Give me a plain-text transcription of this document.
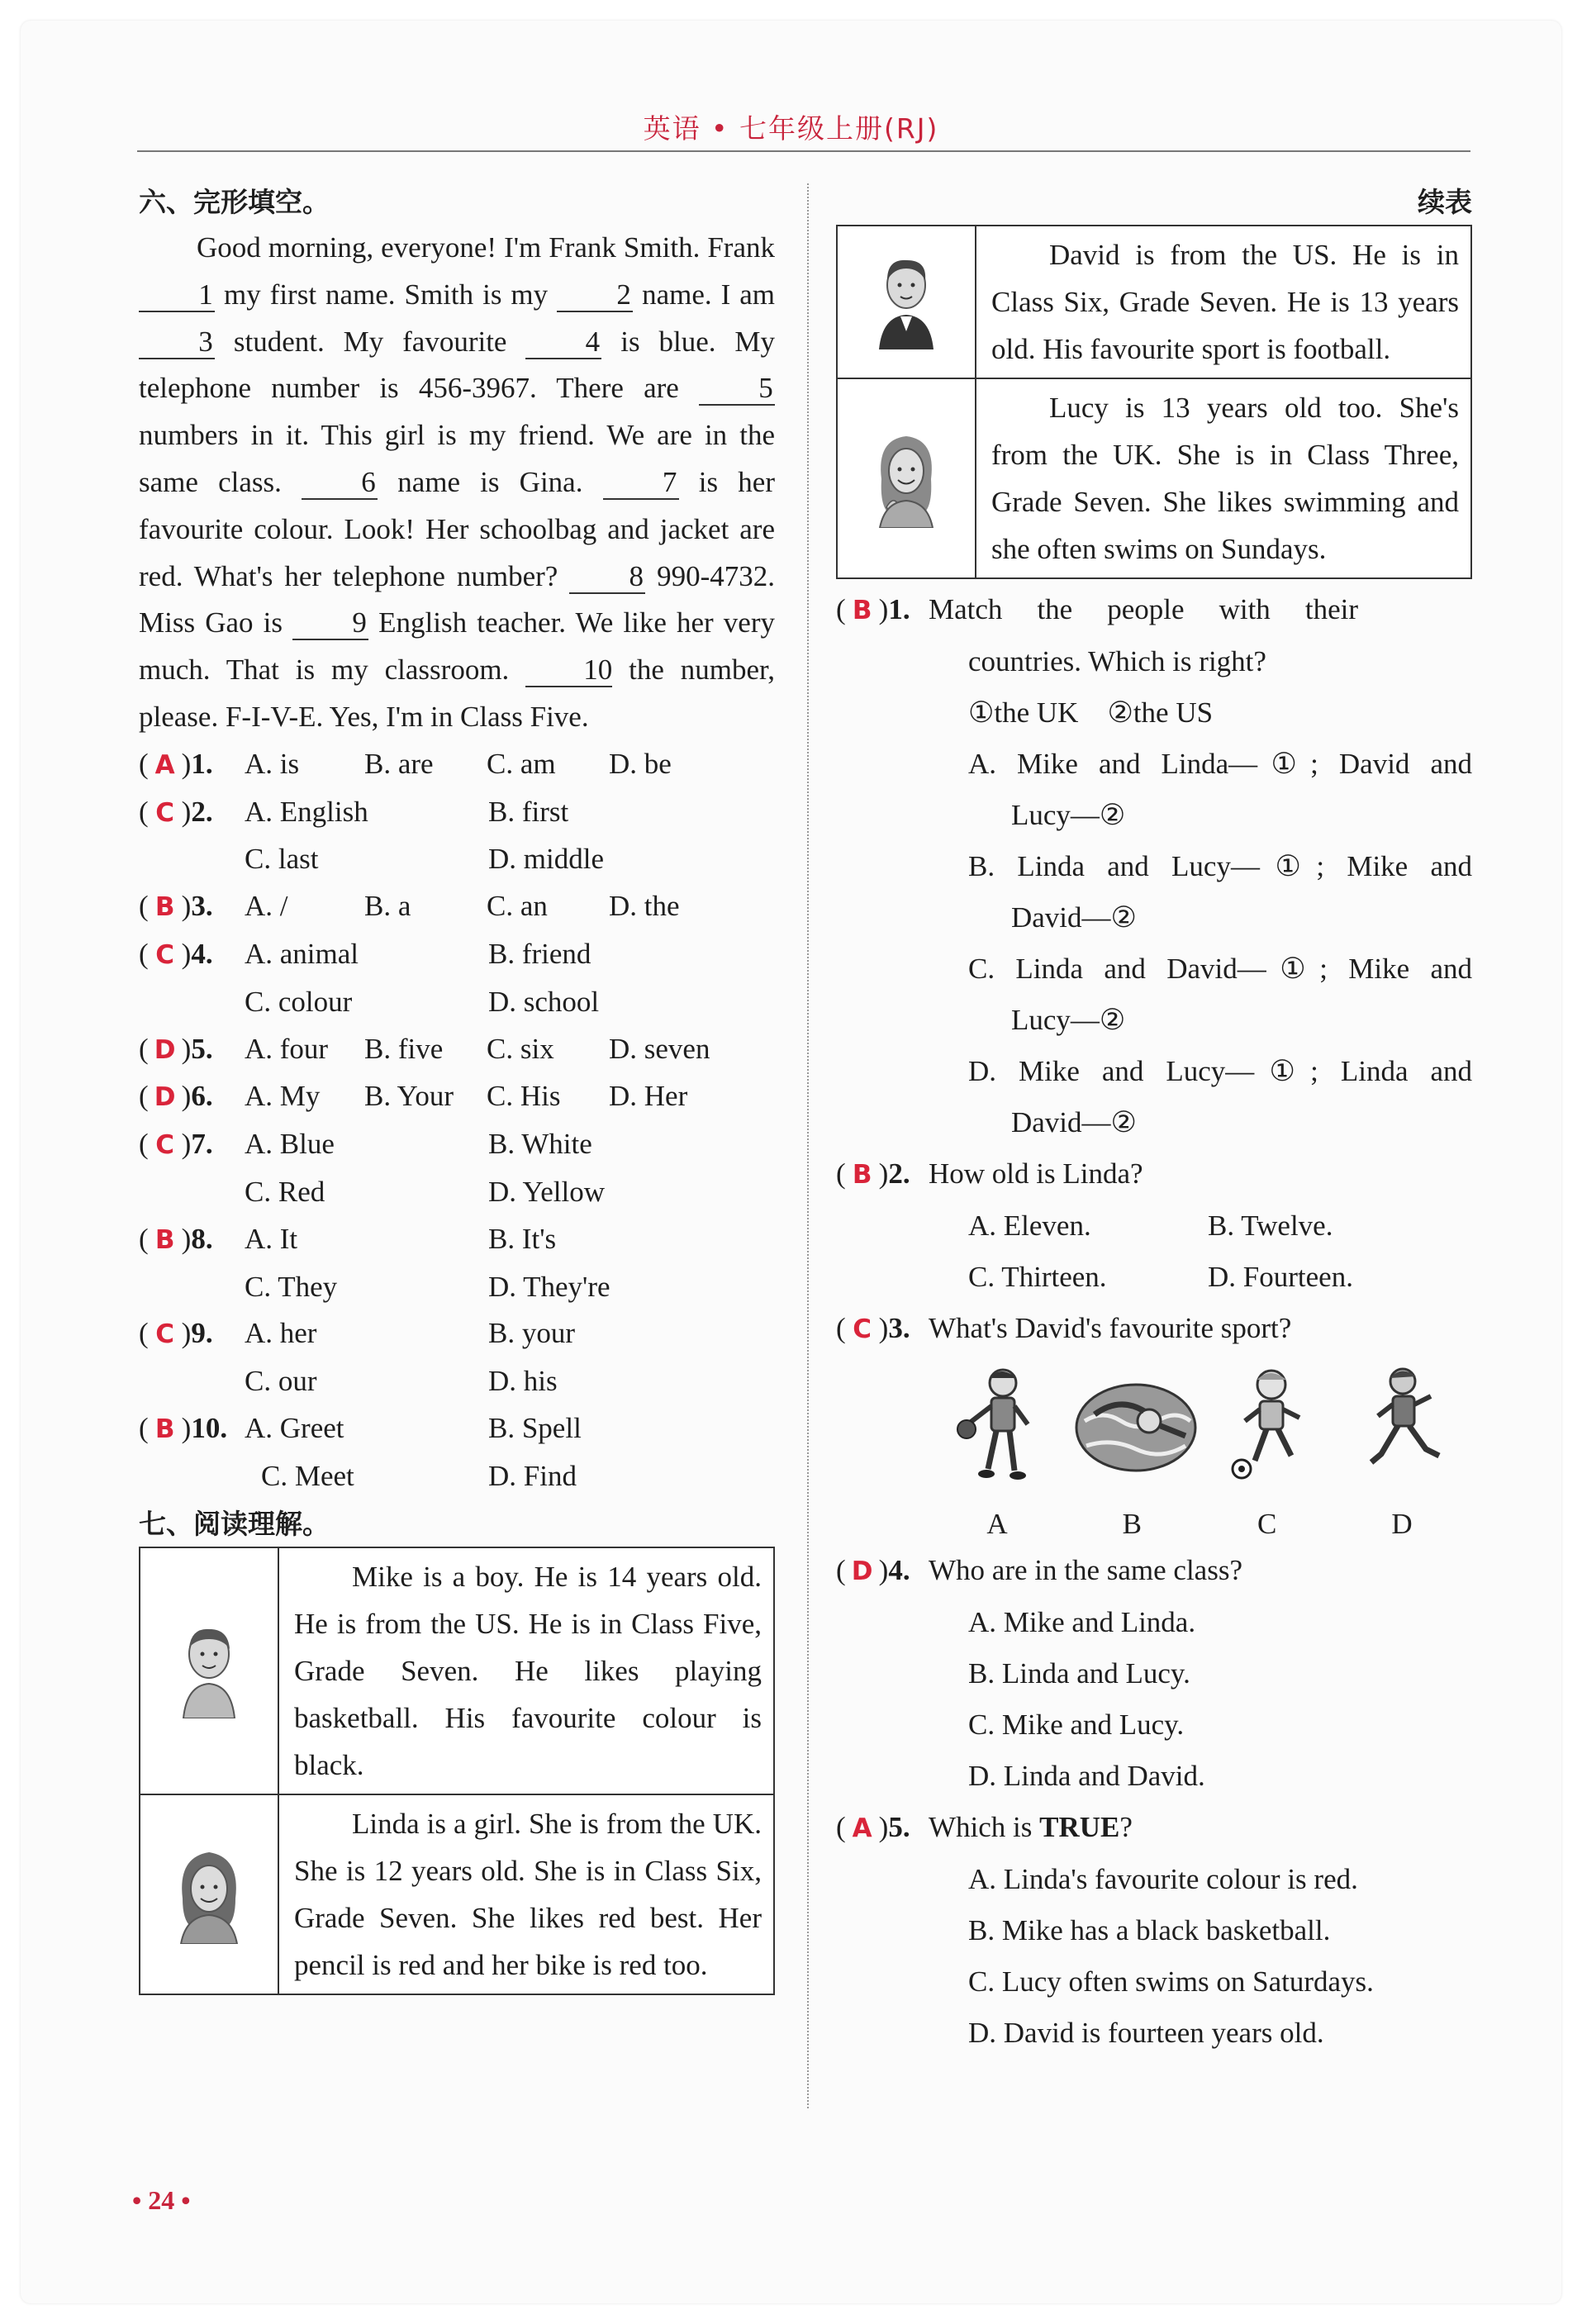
英语 • 七年级上册(RJ)
六、完形填空。

Good morning, everyone! I'm Frank Smith. Frank 1 my first name. Smith is my 2 name. I am 3 student. My favourite 4 is blue. My telephone number is 456-3967. There are 5 numbers in it. This girl is my friend. We are in the same class. 6 name is Gina. 7 is her favourite colour. Look! Her schoolbag and jacket are red. What's her telephone number? 8 990-4732. Miss Gao is 9 English teacher. We like her very much. That is my classroom. 10 the number, please. F-I-V-E. Yes, I'm in Class Five.

( A )1.	A. is	B. are	C. am	D. be
( C )2.	A. English	B. first
C. last	D. middle
( B )3.	A. /	B. a	C. an	D. the
( C )4.	A. animal	B. friend
C. colour	D. school
( D )5.	A. four	B. five	C. six	D. seven
( D )6.	A. My	B. Your	C. His	D. Her
( C )7.	A. Blue	B. White
C. Red	D. Yellow
( B )8.	A. It	B. It's
C. They	D. They're
( C )9.	A. her	B. your
C. our	D. his
( B )10. A. Greet	B. Spell
C. Meet	D. Find
七、阅读理解。

Mike is a boy. He is 14 years old. He is from the US. He is in Class Five, Grade Seven. He likes playing basketball. His favourite colour is black.

Linda is a girl. She is from the UK. She is 12 years old. She is in Class Six, Grade Seven. She likes red best. Her pencil is red and her bike is red too.

续表

David is from the US. He is in Class Six, Grade Seven. He is 13 years old. His favourite sport is football.

Lucy is 13 years old too. She's from the UK. She is in Class Three, Grade Seven. She likes swimming and she often swims on Sundays.

( B )1. Match the people with their
countries. Which is right?
①the UK    ②the US
A. Mike and Linda—①; David and
Lucy—②
B. Linda and Lucy—①; Mike and
David—②
C. Linda and David—①; Mike and
Lucy—②
D. Mike and Lucy—①; Linda and
David—②
( B )2. How old is Linda?
A. Eleven.	B. Twelve.
C. Thirteen.	D. Fourteen.
( C )3. What's David's favourite sport?
A	B	C	D
( D )4. Who are in the same class?
A. Mike and Linda.
B. Linda and Lucy.
C. Mike and Lucy.
D. Linda and David.
( A )5. Which is TRUE?
A. Linda's favourite colour is red.
B. Mike has a black basketball.
C. Lucy often swims on Saturdays.
D. David is fourteen years old.
• 24 •
